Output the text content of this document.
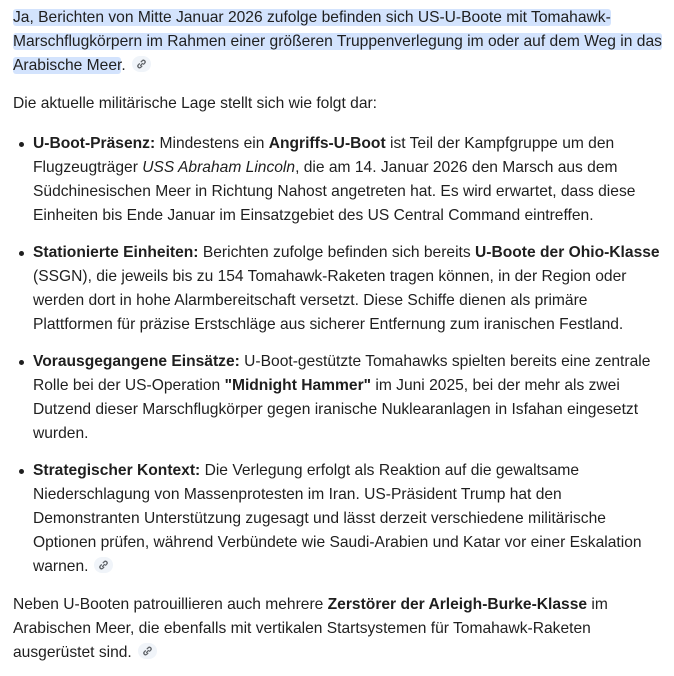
Ja, Berichten von Mitte Januar 2026 zufolge befinden sich US-U-Boote mit Tomahawk-Marschflugkörpern im Rahmen einer größeren Truppenverlegung im oder auf dem Weg in das Arabische Meer.

Die aktuelle militärische Lage stellt sich wie folgt dar:

U-Boot-Präsenz: Mindestens ein Angriffs-U-Boot ist Teil der Kampfgruppe um den Flugzeugträger USS Abraham Lincoln, die am 14. Januar 2026 den Marsch aus dem Südchinesischen Meer in Richtung Nahost angetreten hat. Es wird erwartet, dass diese Einheiten bis Ende Januar im Einsatzgebiet des US Central Command eintreffen.
Stationierte Einheiten: Berichten zufolge befinden sich bereits U-Boote der Ohio-Klasse (SSGN), die jeweils bis zu 154 Tomahawk-Raketen tragen können, in der Region oder werden dort in hohe Alarmbereitschaft versetzt. Diese Schiffe dienen als primäre Plattformen für präzise Erstschläge aus sicherer Entfernung zum iranischen Festland.
Vorausgegangene Einsätze: U-Boot-gestützte Tomahawks spielten bereits eine zentrale Rolle bei der US-Operation "Midnight Hammer" im Juni 2025, bei der mehr als zwei Dutzend dieser Marschflugkörper gegen iranische Nuklearanlagen in Isfahan eingesetzt wurden.
Strategischer Kontext: Die Verlegung erfolgt als Reaktion auf die gewaltsame Niederschlagung von Massenprotesten im Iran. US-Präsident Trump hat den Demonstranten Unterstützung zugesagt und lässt derzeit verschiedene militärische Optionen prüfen, während Verbündete wie Saudi-Arabien und Katar vor einer Eskalation warnen.

Neben U-Booten patrouillieren auch mehrere Zerstörer der Arleigh-Burke-Klasse im Arabischen Meer, die ebenfalls mit vertikalen Startsystemen für Tomahawk-Raketen ausgerüstet sind.
